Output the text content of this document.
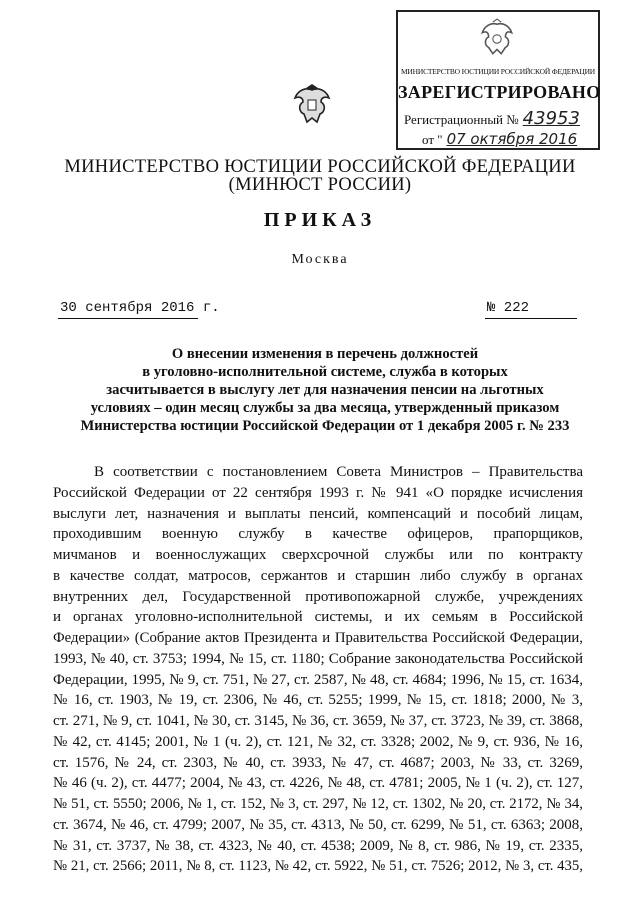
МИНИСТЕРСТВО ЮСТИЦИИ РОССИЙСКОЙ ФЕДЕРАЦИИ
ЗАРЕГИСТРИРОВАНО
Регистрационный № 43953
от " 07 октября 2016
МИНИСТЕРСТВО ЮСТИЦИИ РОССИЙСКОЙ ФЕДЕРАЦИИ
(МИНЮСТ РОССИИ)
ПРИКАЗ
Москва
30 сентября 2016 г.	№ 222
О внесении изменения в перечень должностей
в уголовно-исполнительной системе, служба в которых
засчитывается в выслугу лет для назначения пенсии на льготных
условиях – один месяц службы за два месяца, утвержденный приказом
Министерства юстиции Российской Федерации от 1 декабря 2005 г. № 233
В соответствии с постановлением Совета Министров – Правительства
Российской Федерации от 22 сентября 1993 г. № 941 «О порядке исчисления
выслуги лет, назначения и выплаты пенсий, компенсаций и пособий лицам,
проходившим военную службу в качестве офицеров, прапорщиков,
мичманов и военнослужащих сверхсрочной службы или по контракту
в качестве солдат, матросов, сержантов и старшин либо службу в органах
внутренних дел, Государственной противопожарной службе, учреждениях
и органах уголовно-исполнительной системы, и их семьям в Российской
Федерации» (Собрание актов Президента и Правительства Российской Федерации,
1993, № 40, ст. 3753; 1994, № 15, ст. 1180; Собрание законодательства Российской
Федерации, 1995, № 9, ст. 751, № 27, ст. 2587, № 48, ст. 4684; 1996, № 15, ст. 1634,
№ 16, ст. 1903, № 19, ст. 2306, № 46, ст. 5255; 1999, № 15, ст. 1818; 2000, № 3,
ст. 271, № 9, ст. 1041, № 30, ст. 3145, № 36, ст. 3659, № 37, ст. 3723, № 39, ст. 3868,
№ 42, ст. 4145; 2001, № 1 (ч. 2), ст. 121, № 32, ст. 3328; 2002, № 9, ст. 936, № 16,
ст. 1576, № 24, ст. 2303, № 40, ст. 3933, № 47, ст. 4687; 2003, № 33, ст. 3269,
№ 46 (ч. 2), ст. 4477; 2004, № 43, ст. 4226, № 48, ст. 4781; 2005, № 1 (ч. 2), ст. 127,
№ 51, ст. 5550; 2006, № 1, ст. 152, № 3, ст. 297, № 12, ст. 1302, № 20, ст. 2172, № 34,
ст. 3674, № 46, ст. 4799; 2007, № 35, ст. 4313, № 50, ст. 6299, № 51, ст. 6363; 2008,
№ 31, ст. 3737, № 38, ст. 4323, № 40, ст. 4538; 2009, № 8, ст. 986, № 19, ст. 2335,
№ 21, ст. 2566; 2011, № 8, ст. 1123, № 42, ст. 5922, № 51, ст. 7526; 2012, № 3, ст. 435,
